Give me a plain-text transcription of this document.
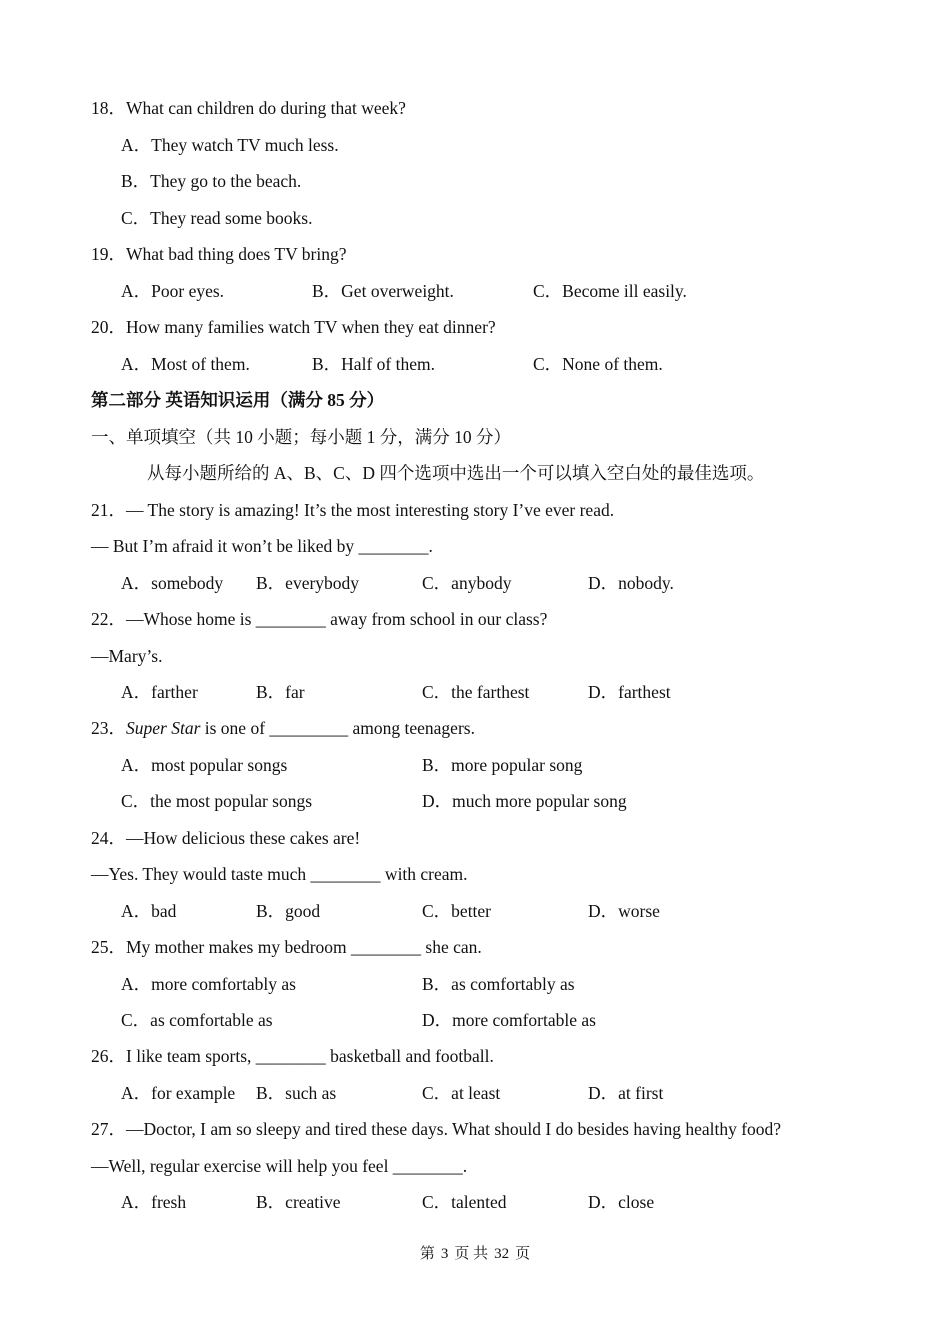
18．What can children do during that week?
A．They watch TV much less.
B．They go to the beach.
C．They read some books.
19．What bad thing does TV bring?
A．Poor eyes.	B．Get overweight.	C．Become ill easily.
20．How many families watch TV when they eat dinner?
A．Most of them.	B．Half of them.	C．None of them.
第二部分 英语知识运用（满分 85 分）
一、单项填空（共 10 小题；每小题 1 分，满分 10 分）
从每小题所给的 A、B、C、D 四个选项中选出一个可以填入空白处的最佳选项。
21．— The story is amazing! It’s the most interesting story I’ve ever read.
— But I’m afraid it won’t be liked by ________.
A．somebody B．everybody	C．anybody	D．nobody.
22．—Whose home is ________ away from school in our class?
—Mary’s.
A．farther	B．far	C．the farthest	D．farthest
23．Super Star is one of _________ among teenagers.
A．most popular songs	B．more popular song
C．the most popular songs	D．much more popular song
24．—How delicious these cakes are!
—Yes. They would taste much ________ with cream.
A．bad	B．good	C．better	D．worse
25．My mother makes my bedroom ________ she can.
A．more comfortably as	B．as comfortably as
C．as comfortable as	D．more comfortable as
26．I like team sports, ________ basketball and football.
A．for example B．such as	C．at least	D．at first
27．—Doctor, I am so sleepy and tired these days. What should I do besides having healthy food?
—Well, regular exercise will help you feel ________.
A．fresh	B．creative	C．talented	D．close
第 3 页 共 32 页
